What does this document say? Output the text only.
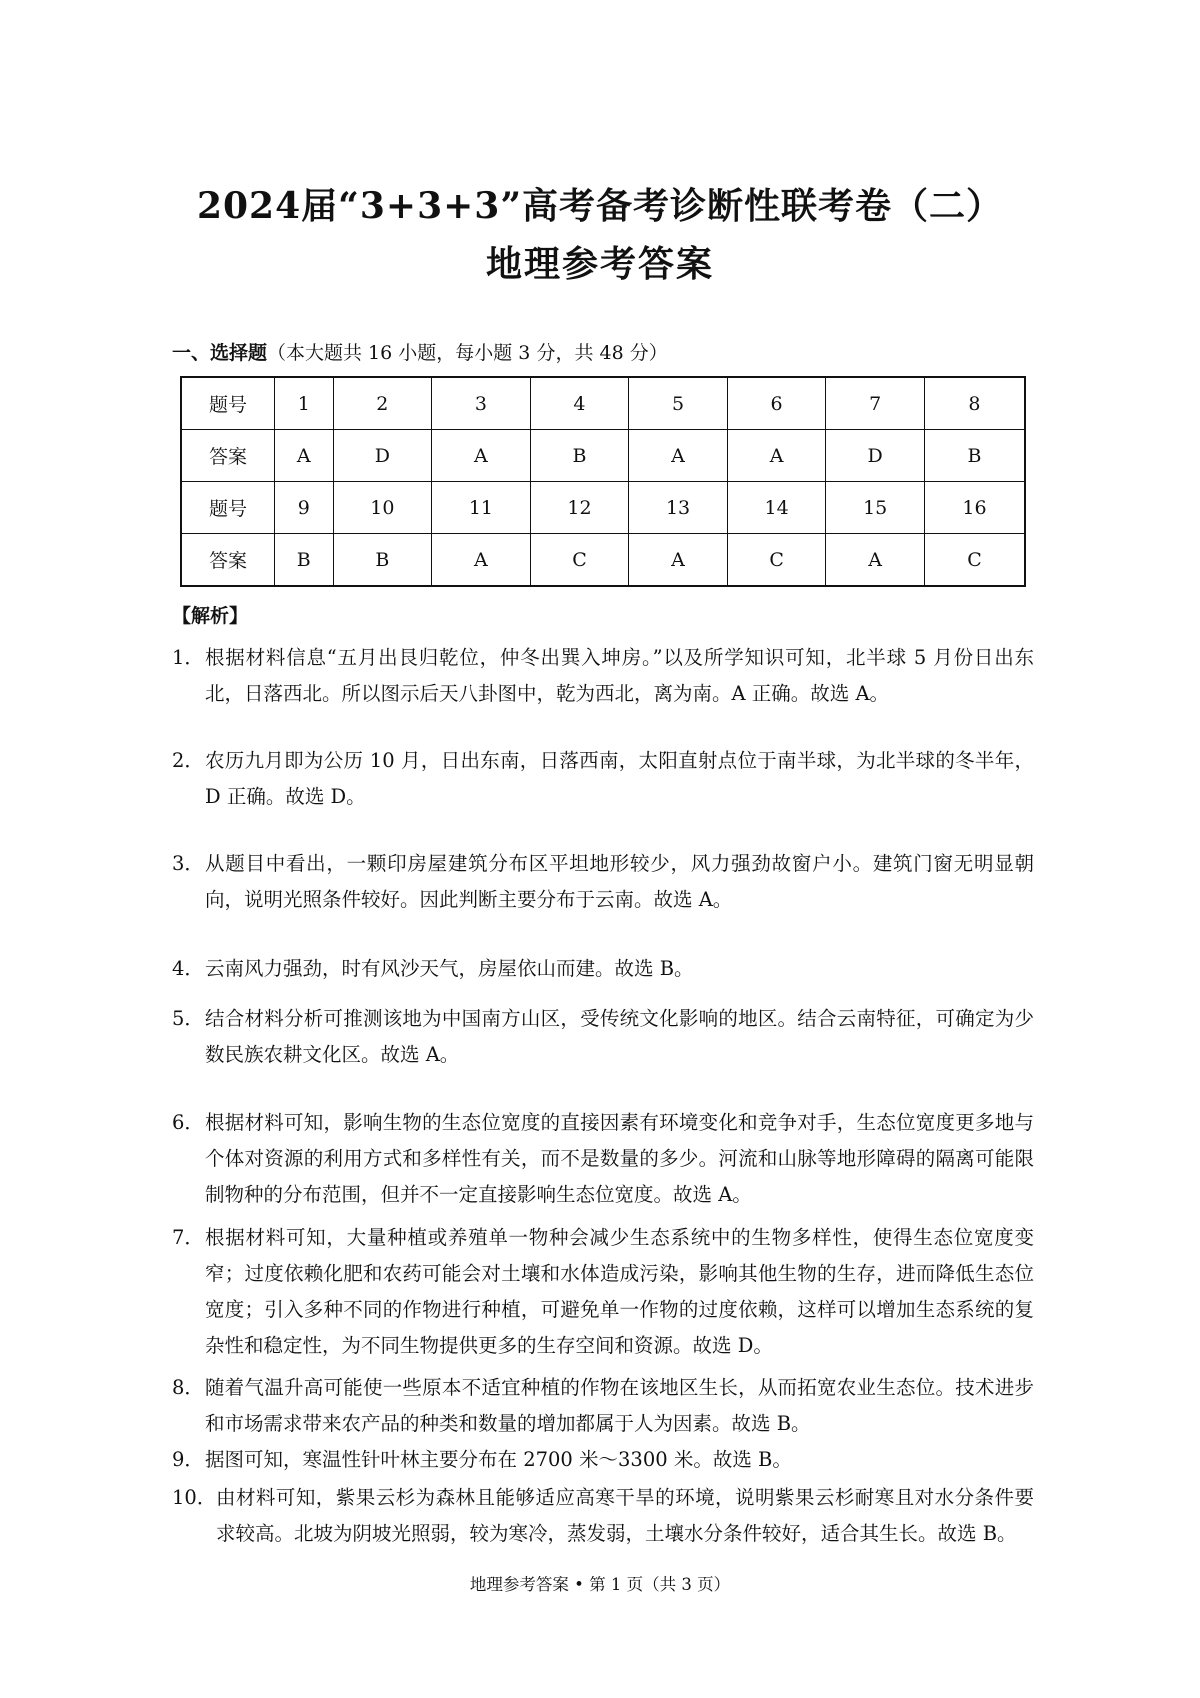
2024届“3+3+3”高考备考诊断性联考卷（二）
地理参考答案
一、选择题（本大题共 16 小题，每小题 3 分，共 48 分）
题号	1	2	3	4	5	6	7	8
答案	A	D	A	B	A	A	D	B
题号	9	10	11	12	13	14	15	16
答案	B	B	A	C	A	C	A	C
【解析】
1． 根据材料信息“五月出艮归乾位，仲冬出巽入坤房。”以及所学知识可知，北半球 5 月份日出东北，日落西北。所以图示后天八卦图中，乾为西北，离为南。A 正确。故选 A。
2． 农历九月即为公历 10 月，日出东南，日落西南，太阳直射点位于南半球，为北半球的冬半年，D 正确。故选 D。
3． 从题目中看出，一颗印房屋建筑分布区平坦地形较少，风力强劲故窗户小。建筑门窗无明显朝向，说明光照条件较好。因此判断主要分布于云南。故选 A。
4． 云南风力强劲，时有风沙天气，房屋依山而建。故选 B。
5． 结合材料分析可推测该地为中国南方山区，受传统文化影响的地区。结合云南特征，可确定为少数民族农耕文化区。故选 A。
6． 根据材料可知，影响生物的生态位宽度的直接因素有环境变化和竞争对手，生态位宽度更多地与个体对资源的利用方式和多样性有关，而不是数量的多少。河流和山脉等地形障碍的隔离可能限制物种的分布范围，但并不一定直接影响生态位宽度。故选 A。
7． 根据材料可知，大量种植或养殖单一物种会减少生态系统中的生物多样性，使得生态位宽度变窄；过度依赖化肥和农药可能会对土壤和水体造成污染，影响其他生物的生存，进而降低生态位宽度；引入多种不同的作物进行种植，可避免单一作物的过度依赖，这样可以增加生态系统的复杂性和稳定性，为不同生物提供更多的生存空间和资源。故选 D。
8． 随着气温升高可能使一些原本不适宜种植的作物在该地区生长，从而拓宽农业生态位。技术进步和市场需求带来农产品的种类和数量的增加都属于人为因素。故选 B。
9． 据图可知，寒温性针叶林主要分布在 2700 米～3300 米。故选 B。
10． 由材料可知，紫果云杉为森林且能够适应高寒干旱的环境，说明紫果云杉耐寒且对水分条件要求较高。北坡为阴坡光照弱，较为寒冷，蒸发弱，土壤水分条件较好，适合其生长。故选 B。
地理参考答案 • 第 1 页（共 3 页）
